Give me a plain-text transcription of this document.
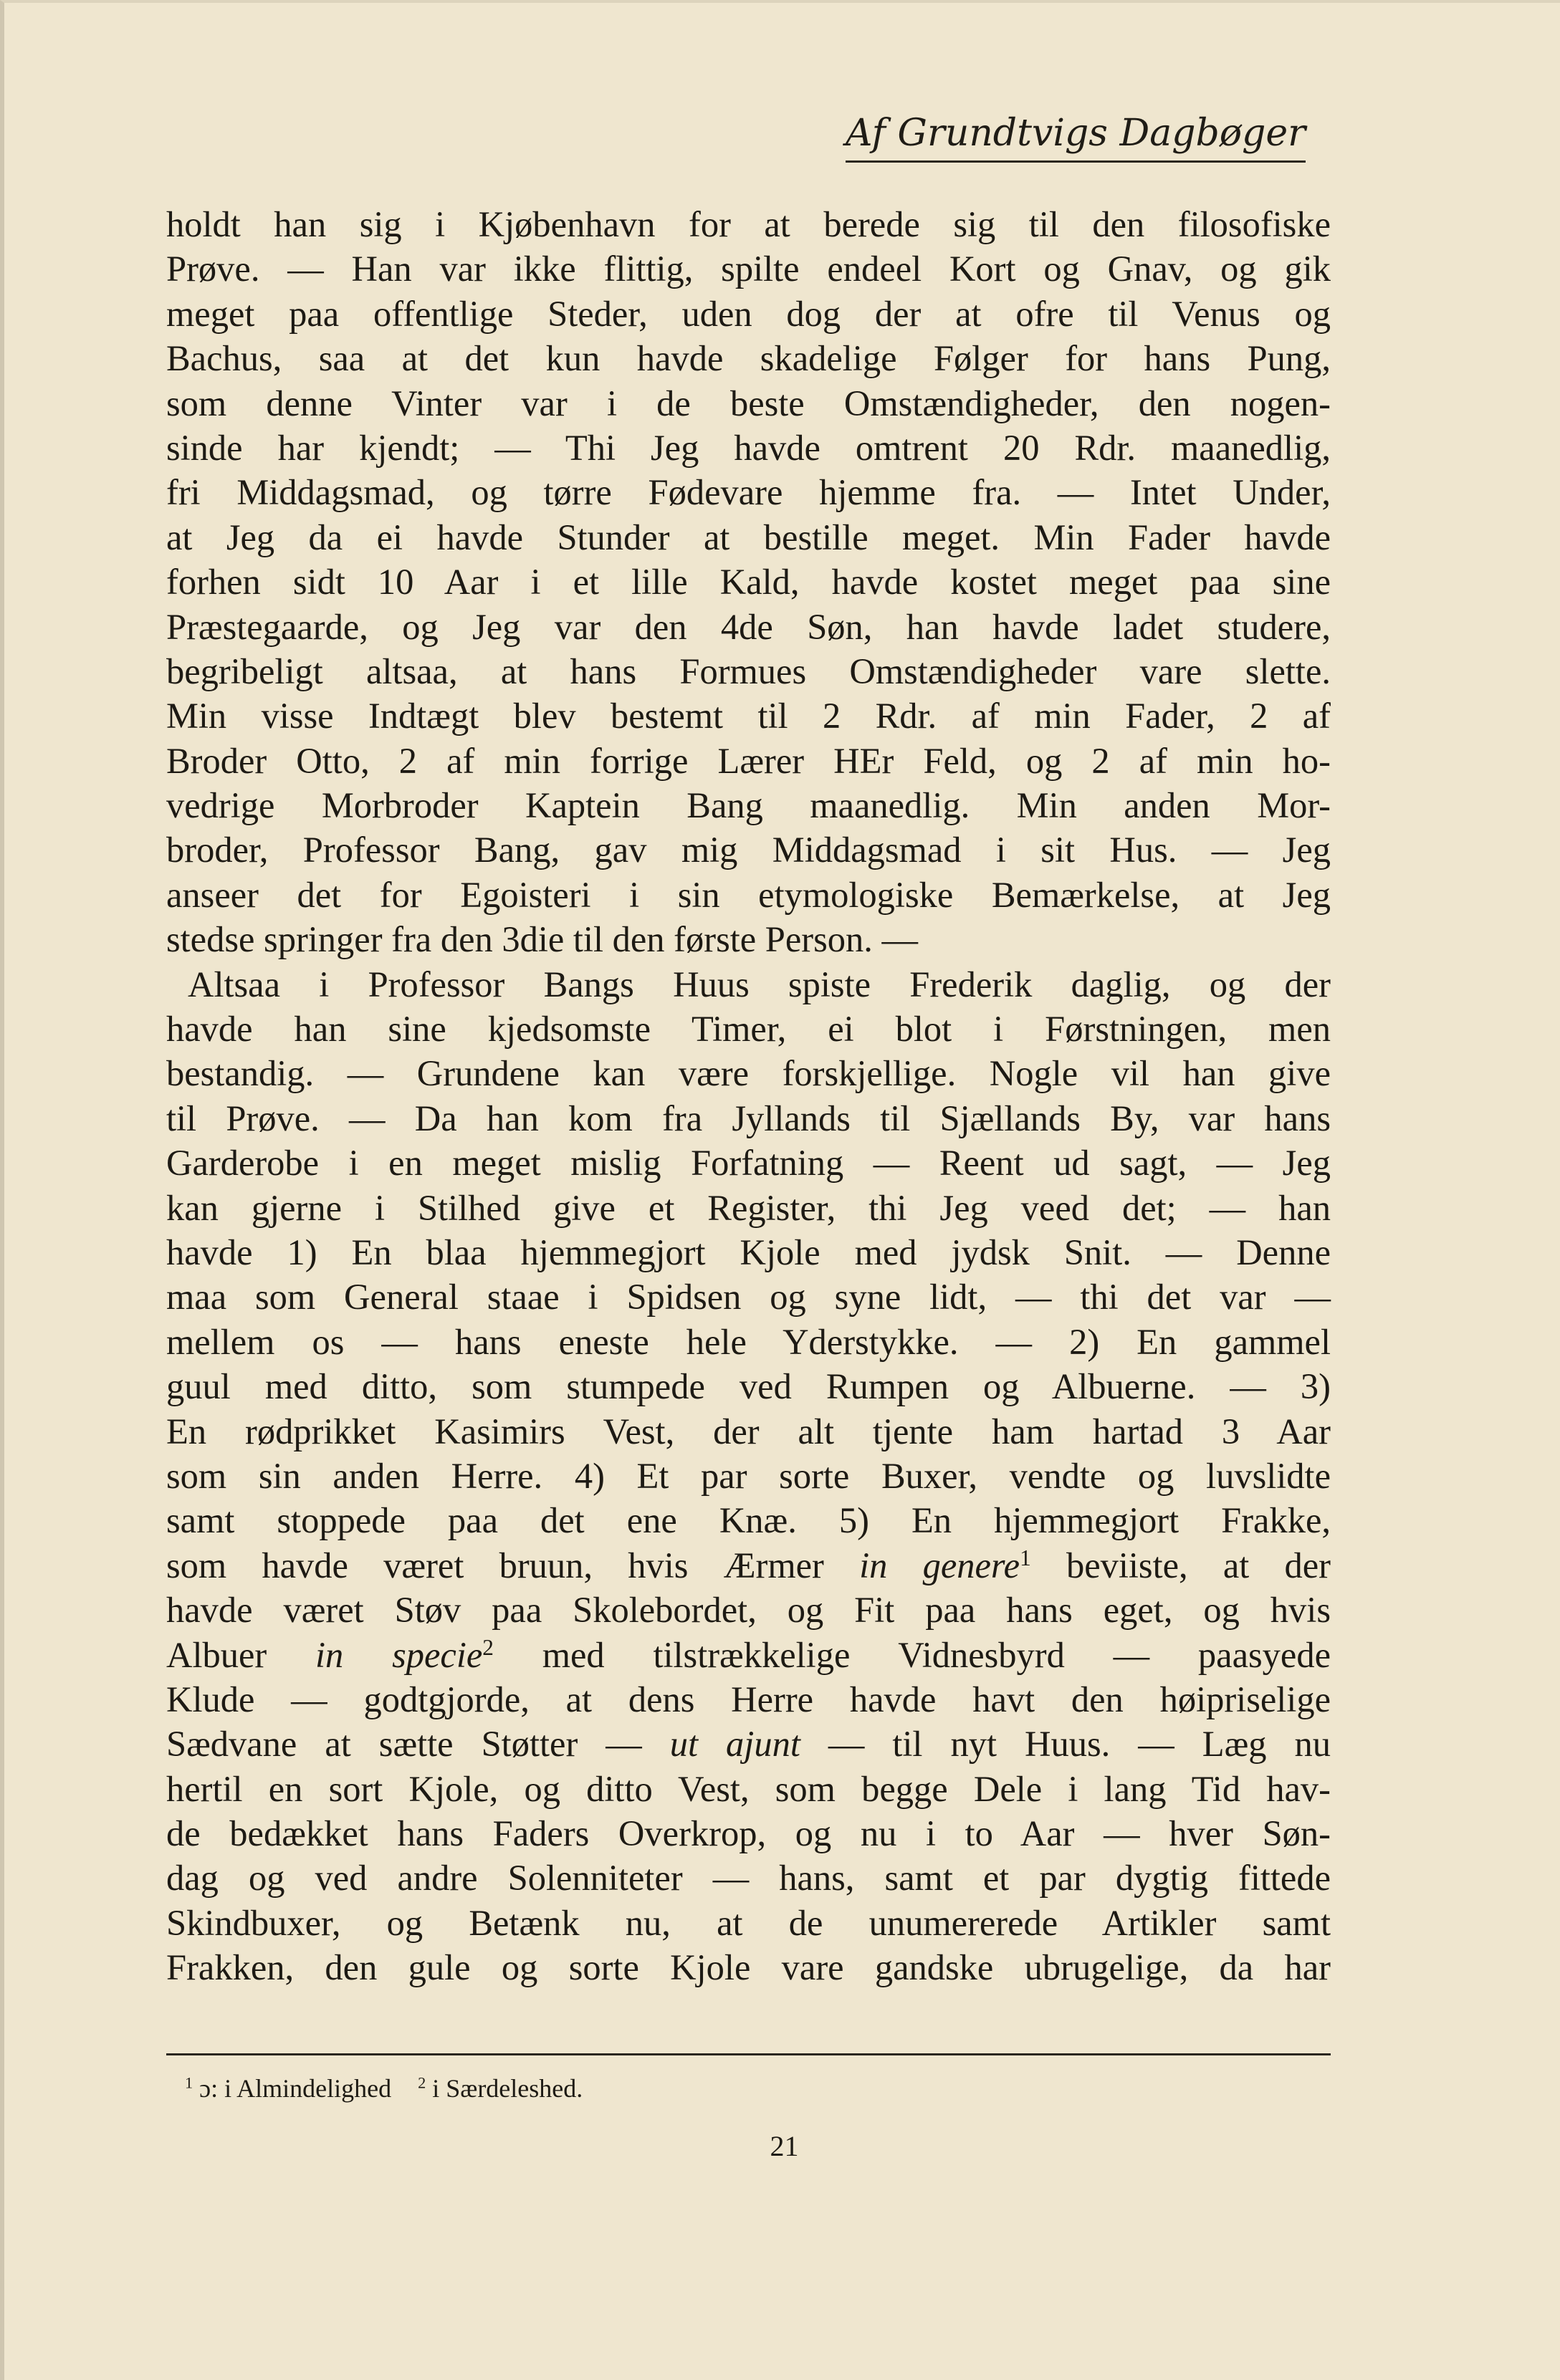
Af Grundtvigs Dagbøger
holdt han sig i Kjøbenhavn for at berede sig til den filosofiske
Prøve. — Han var ikke flittig, spilte endeel Kort og Gnav, og gik
meget paa offentlige Steder, uden dog der at ofre til Venus og
Bachus, saa at det kun havde skadelige Følger for hans Pung,
som denne Vinter var i de beste Omstændigheder, den nogen-
sinde har kjendt; — Thi Jeg havde omtrent 20 Rdr. maanedlig,
fri Middagsmad, og tørre Fødevare hjemme fra. — Intet Under,
at Jeg da ei havde Stunder at bestille meget. Min Fader havde
forhen sidt 10 Aar i et lille Kald, havde kostet meget paa sine
Præstegaarde, og Jeg var den 4de Søn, han havde ladet studere,
begribeligt altsaa, at hans Formues Omstændigheder vare slette.
Min visse Indtægt blev bestemt til 2 Rdr. af min Fader, 2 af
Broder Otto, 2 af min forrige Lærer HEr Feld, og 2 af min ho-
vedrige Morbroder Kaptein Bang maanedlig. Min anden Mor-
broder, Professor Bang, gav mig Middagsmad i sit Hus. — Jeg
anseer det for Egoisteri i sin etymologiske Bemærkelse, at Jeg
stedse springer fra den 3die til den første Person. —
Altsaa i Professor Bangs Huus spiste Frederik daglig, og der
havde han sine kjedsomste Timer, ei blot i Førstningen, men
bestandig. — Grundene kan være forskjellige. Nogle vil han give
til Prøve. — Da han kom fra Jyllands til Sjællands By, var hans
Garderobe i en meget mislig Forfatning — Reent ud sagt, — Jeg
kan gjerne i Stilhed give et Register, thi Jeg veed det; — han
havde 1) En blaa hjemmegjort Kjole med jydsk Snit. — Denne
maa som General staae i Spidsen og syne lidt, — thi det var —
mellem os — hans eneste hele Yderstykke. — 2) En gammel
guul med ditto, som stumpede ved Rumpen og Albuerne. — 3)
En rødprikket Kasimirs Vest, der alt tjente ham hartad 3 Aar
som sin anden Herre. 4) Et par sorte Buxer, vendte og luvslidte
samt stoppede paa det ene Knæ. 5) En hjemmegjort Frakke,
som havde været bruun, hvis Ærmer in genere$^1$ beviiste, at der
havde været Støv paa Skolebordet, og Fit paa hans eget, og hvis
Albuer in specie$^2$ med tilstrækkelige Vidnesbyrd — paasyede
Klude — godtgjorde, at dens Herre havde havt den høipriselige
Sædvane at sætte Støtter — ut ajunt — til nyt Huus. — Læg nu
hertil en sort Kjole, og ditto Vest, som begge Dele i lang Tid hav-
de bedækket hans Faders Overkrop, og nu i to Aar — hver Søn-
dag og ved andre Solenniteter — hans, samt et par dygtig fittede
Skindbuxer, og Betænk nu, at de unumererede Artikler samt
Frakken, den gule og sorte Kjole vare gandske ubrugelige, da har
$^1$ ɔ: i Almindelighed $^2$ i Særdeleshed.
21
